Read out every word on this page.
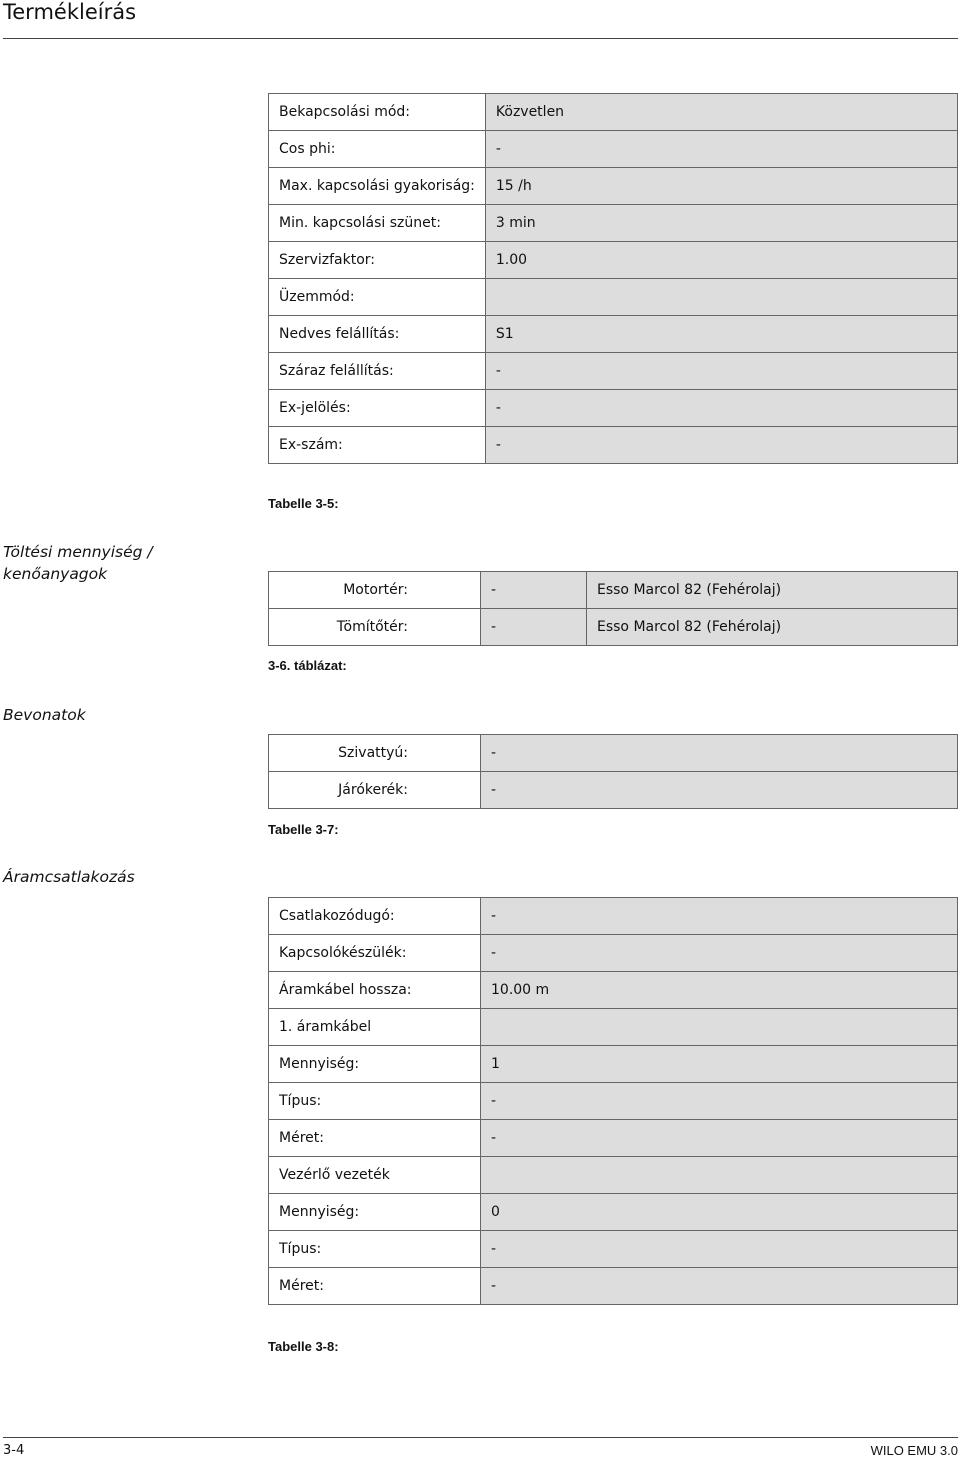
Termékleírás
Bekapcsolási mód:	Közvetlen
Cos phi:	-
Max. kapcsolási gyakoriság:	15 /h
Min. kapcsolási szünet:	3 min
Szervizfaktor:	1.00
Üzemmód:	
Nedves felállítás:	S1
Száraz felállítás:	-
Ex-jelölés:	-
Ex-szám:	-
Tabelle 3-5:
Töltési mennyiség / kenőanyagok
Motortér:	-	Esso Marcol 82 (Fehérolaj)
Tömítőtér:	-	Esso Marcol 82 (Fehérolaj)
3-6. táblázat:
Bevonatok
Szivattyú:	-
Járókerék:	-
Tabelle 3-7:
Áramcsatlakozás
Csatlakozódugó:	-
Kapcsolókészülék:	-
Áramkábel hossza:	10.00 m
1. áramkábel	
Mennyiség:	1
Típus:	-
Méret:	-
Vezérlő vezeték	
Mennyiség:	0
Típus:	-
Méret:	-
Tabelle 3-8:
3-4	WILO EMU 3.0
